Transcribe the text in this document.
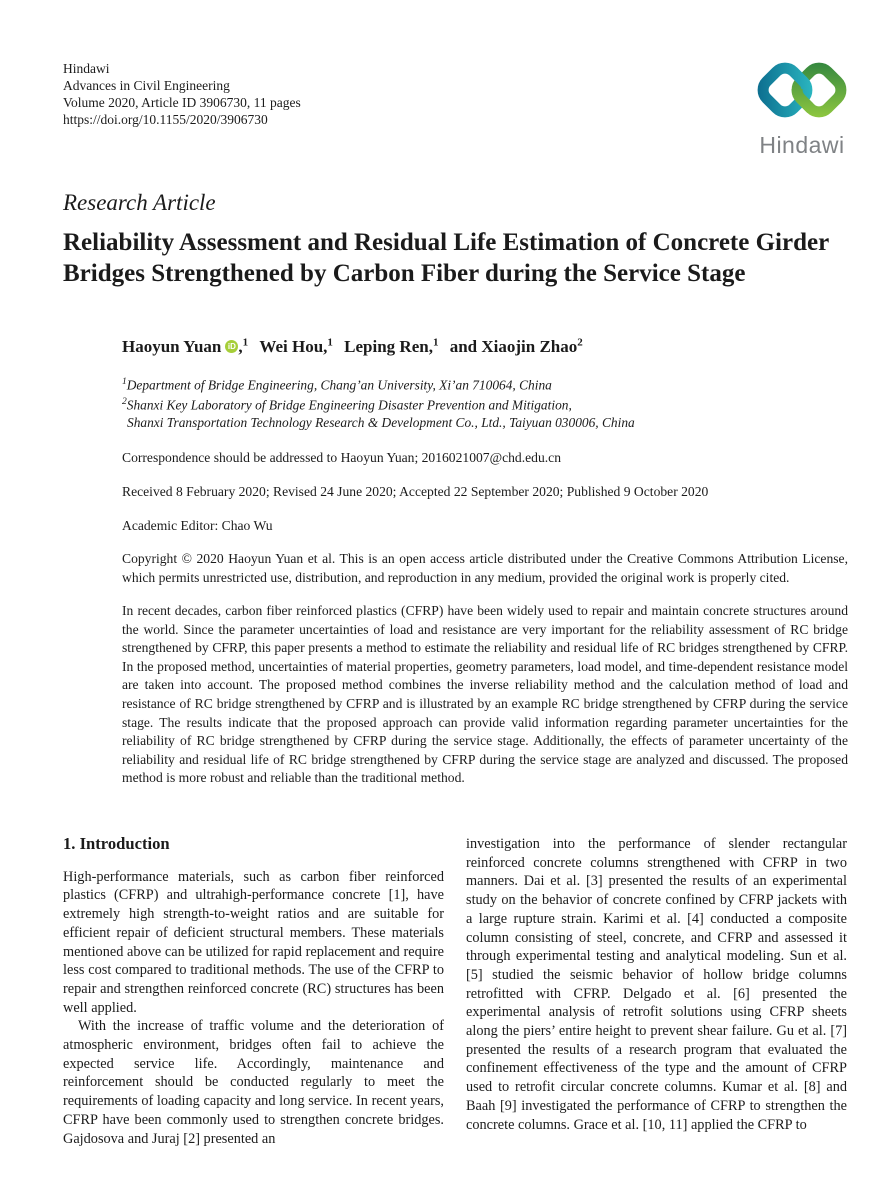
Hindawi
Advances in Civil Engineering
Volume 2020, Article ID 3906730, 11 pages
https://doi.org/10.1155/2020/3906730
Hindawi
Research Article
Reliability Assessment and Residual Life Estimation of Concrete Girder Bridges Strengthened by Carbon Fiber during the Service Stage
Haoyun Yuan iD ,$^1$ Wei Hou,$^1$ Leping Ren,$^1$ and Xiaojin Zhao$^2$
$^1$Department of Bridge Engineering, Chang’an University, Xi’an 710064, China
$^2$Shanxi Key Laboratory of Bridge Engineering Disaster Prevention and Mitigation,
Shanxi Transportation Technology Research & Development Co., Ltd., Taiyuan 030006, China
Correspondence should be addressed to Haoyun Yuan; 2016021007@chd.edu.cn
Received 8 February 2020; Revised 24 June 2020; Accepted 22 September 2020; Published 9 October 2020
Academic Editor: Chao Wu
Copyright © 2020 Haoyun Yuan et al. This is an open access article distributed under the Creative Commons Attribution License, which permits unrestricted use, distribution, and reproduction in any medium, provided the original work is properly cited.
In recent decades, carbon fiber reinforced plastics (CFRP) have been widely used to repair and maintain concrete structures around the world. Since the parameter uncertainties of load and resistance are very important for the reliability assessment of RC bridge strengthened by CFRP, this paper presents a method to estimate the reliability and residual life of RC bridges strengthened by CFRP. In the proposed method, uncertainties of material properties, geometry parameters, load model, and time-dependent resistance model are taken into account. The proposed method combines the inverse reliability method and the calculation method of load and resistance of RC bridge strengthened by CFRP and is illustrated by an example RC bridge strengthened by CFRP during the service stage. The results indicate that the proposed approach can provide valid information regarding parameter uncertainties for the reliability of RC bridge strengthened by CFRP during the service stage. Additionally, the effects of parameter uncertainty of the reliability and residual life of RC bridge strengthened by CFRP during the service stage are analyzed and discussed. The proposed method is more robust and reliable than the traditional method.
1. Introduction

High-performance materials, such as carbon fiber reinforced plastics (CFRP) and ultrahigh-performance concrete [1], have extremely high strength-to-weight ratios and are suitable for efficient repair of deficient structural members. These materials mentioned above can be utilized for rapid replacement and require less cost compared to traditional methods. The use of the CFRP to repair and strengthen reinforced concrete (RC) structures has been well applied.

With the increase of traffic volume and the deterioration of atmospheric environment, bridges often fail to achieve the expected service life. Accordingly, maintenance and reinforcement should be conducted regularly to meet the requirements of loading capacity and long service. In recent years, CFRP have been commonly used to strengthen concrete bridges. Gajdosova and Juraj [2] presented an

investigation into the performance of slender rectangular reinforced concrete columns strengthened with CFRP in two manners. Dai et al. [3] presented the results of an experimental study on the behavior of concrete confined by CFRP jackets with a large rupture strain. Karimi et al. [4] conducted a composite column consisting of steel, concrete, and CFRP and assessed it through experimental testing and analytical modeling. Sun et al. [5] studied the seismic behavior of hollow bridge columns retrofitted with CFRP. Delgado et al. [6] presented the experimental analysis of retrofit solutions using CFRP sheets along the piers’ entire height to prevent shear failure. Gu et al. [7] presented the results of a research program that evaluated the confinement effectiveness of the type and the amount of CFRP used to retrofit circular concrete columns. Kumar et al. [8] and Baah [9] investigated the performance of CFRP to strengthen the concrete columns. Grace et al. [10, 11] applied the CFRP to
